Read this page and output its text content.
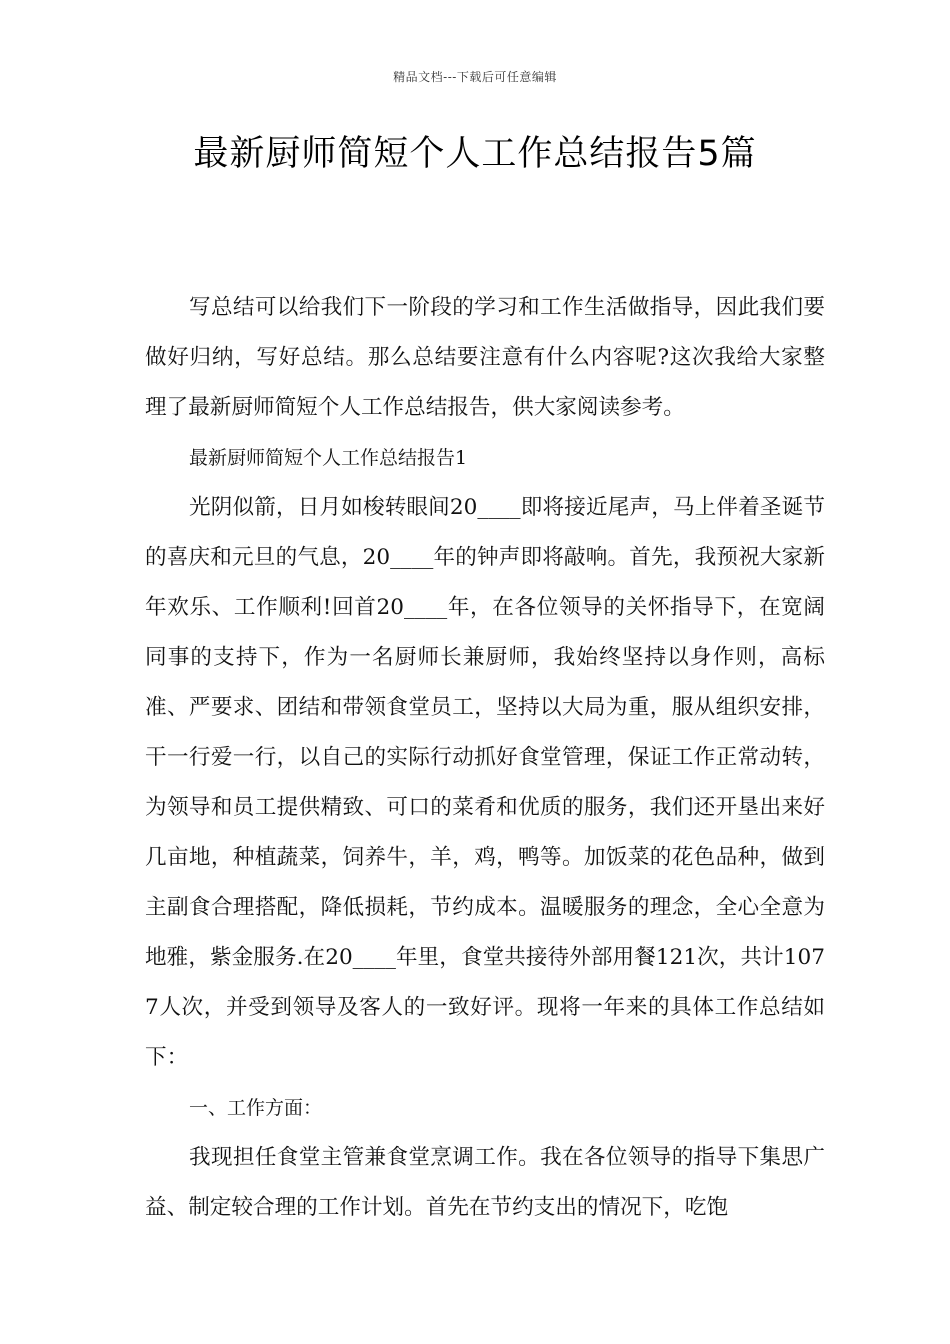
精品文档---下载后可任意编辑
最新厨师简短个人工作总结报告5篇

写总结可以给我们下一阶段的学习和工作生活做指导，因此我们要做好归纳，写好总结。那么总结要注意有什么内容呢?这次我给大家整理了最新厨师简短个人工作总结报告，供大家阅读参考。

最新厨师简短个人工作总结报告1

光阴似箭，日月如梭转眼间20____即将接近尾声，马上伴着圣诞节的喜庆和元旦的气息，20____年的钟声即将敲响。首先，我预祝大家新年欢乐、工作顺利!回首20____年，在各位领导的关怀指导下，在宽阔同事的支持下，作为一名厨师长兼厨师，我始终坚持以身作则，高标准、严要求、团结和带领食堂员工，坚持以大局为重，服从组织安排，干一行爱一行，以自己的实际行动抓好食堂管理，保证工作正常动转，为领导和员工提供精致、可口的菜肴和优质的服务，我们还开垦出来好几亩地，种植蔬菜，饲养牛，羊，鸡，鸭等。加饭菜的花色品种，做到主副食合理搭配，降低损耗，节约成本。温暖服务的理念，全心全意为地雅，紫金服务.在20____年里，食堂共接待外部用餐121次，共计1077人次，并受到领导及客人的一致好评。现将一年来的具体工作总结如下：

一、工作方面：

我现担任食堂主管兼食堂烹调工作。我在各位领导的指导下集思广益、制定较合理的工作计划。首先在节约支出的情况下，吃饱
